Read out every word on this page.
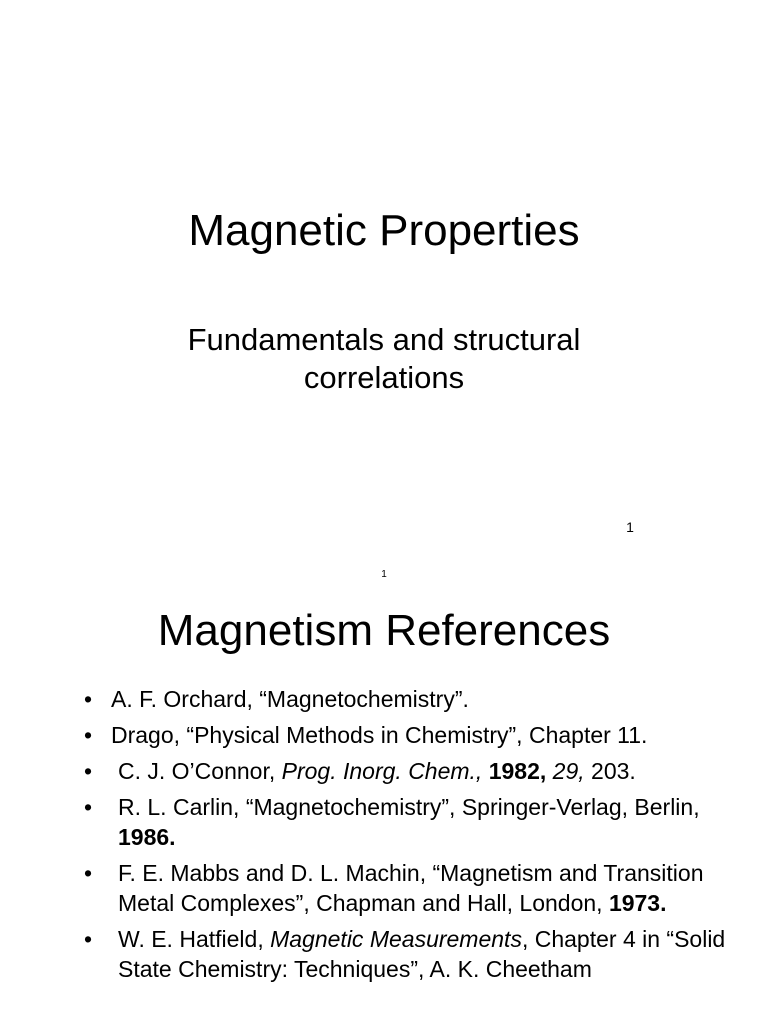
Magnetic Properties
Fundamentals and structural correlations
1
1
Magnetism References
• A. F. Orchard, “Magnetochemistry”.
• Drago, “Physical Methods in Chemistry”, Chapter 11.
•	C. J. O’Connor, Prog. Inorg. Chem., 1982, 29, 203.
•	R. L. Carlin, “Magnetochemistry”, Springer-Verlag, Berlin, 1986.
•	F. E. Mabbs and D. L. Machin, “Magnetism and Transition Metal Complexes”, Chapman and Hall, London, 1973.
•	W. E. Hatfield, Magnetic Measurements, Chapter 4 in “Solid State Chemistry: Techniques”, A. K. Cheetham
